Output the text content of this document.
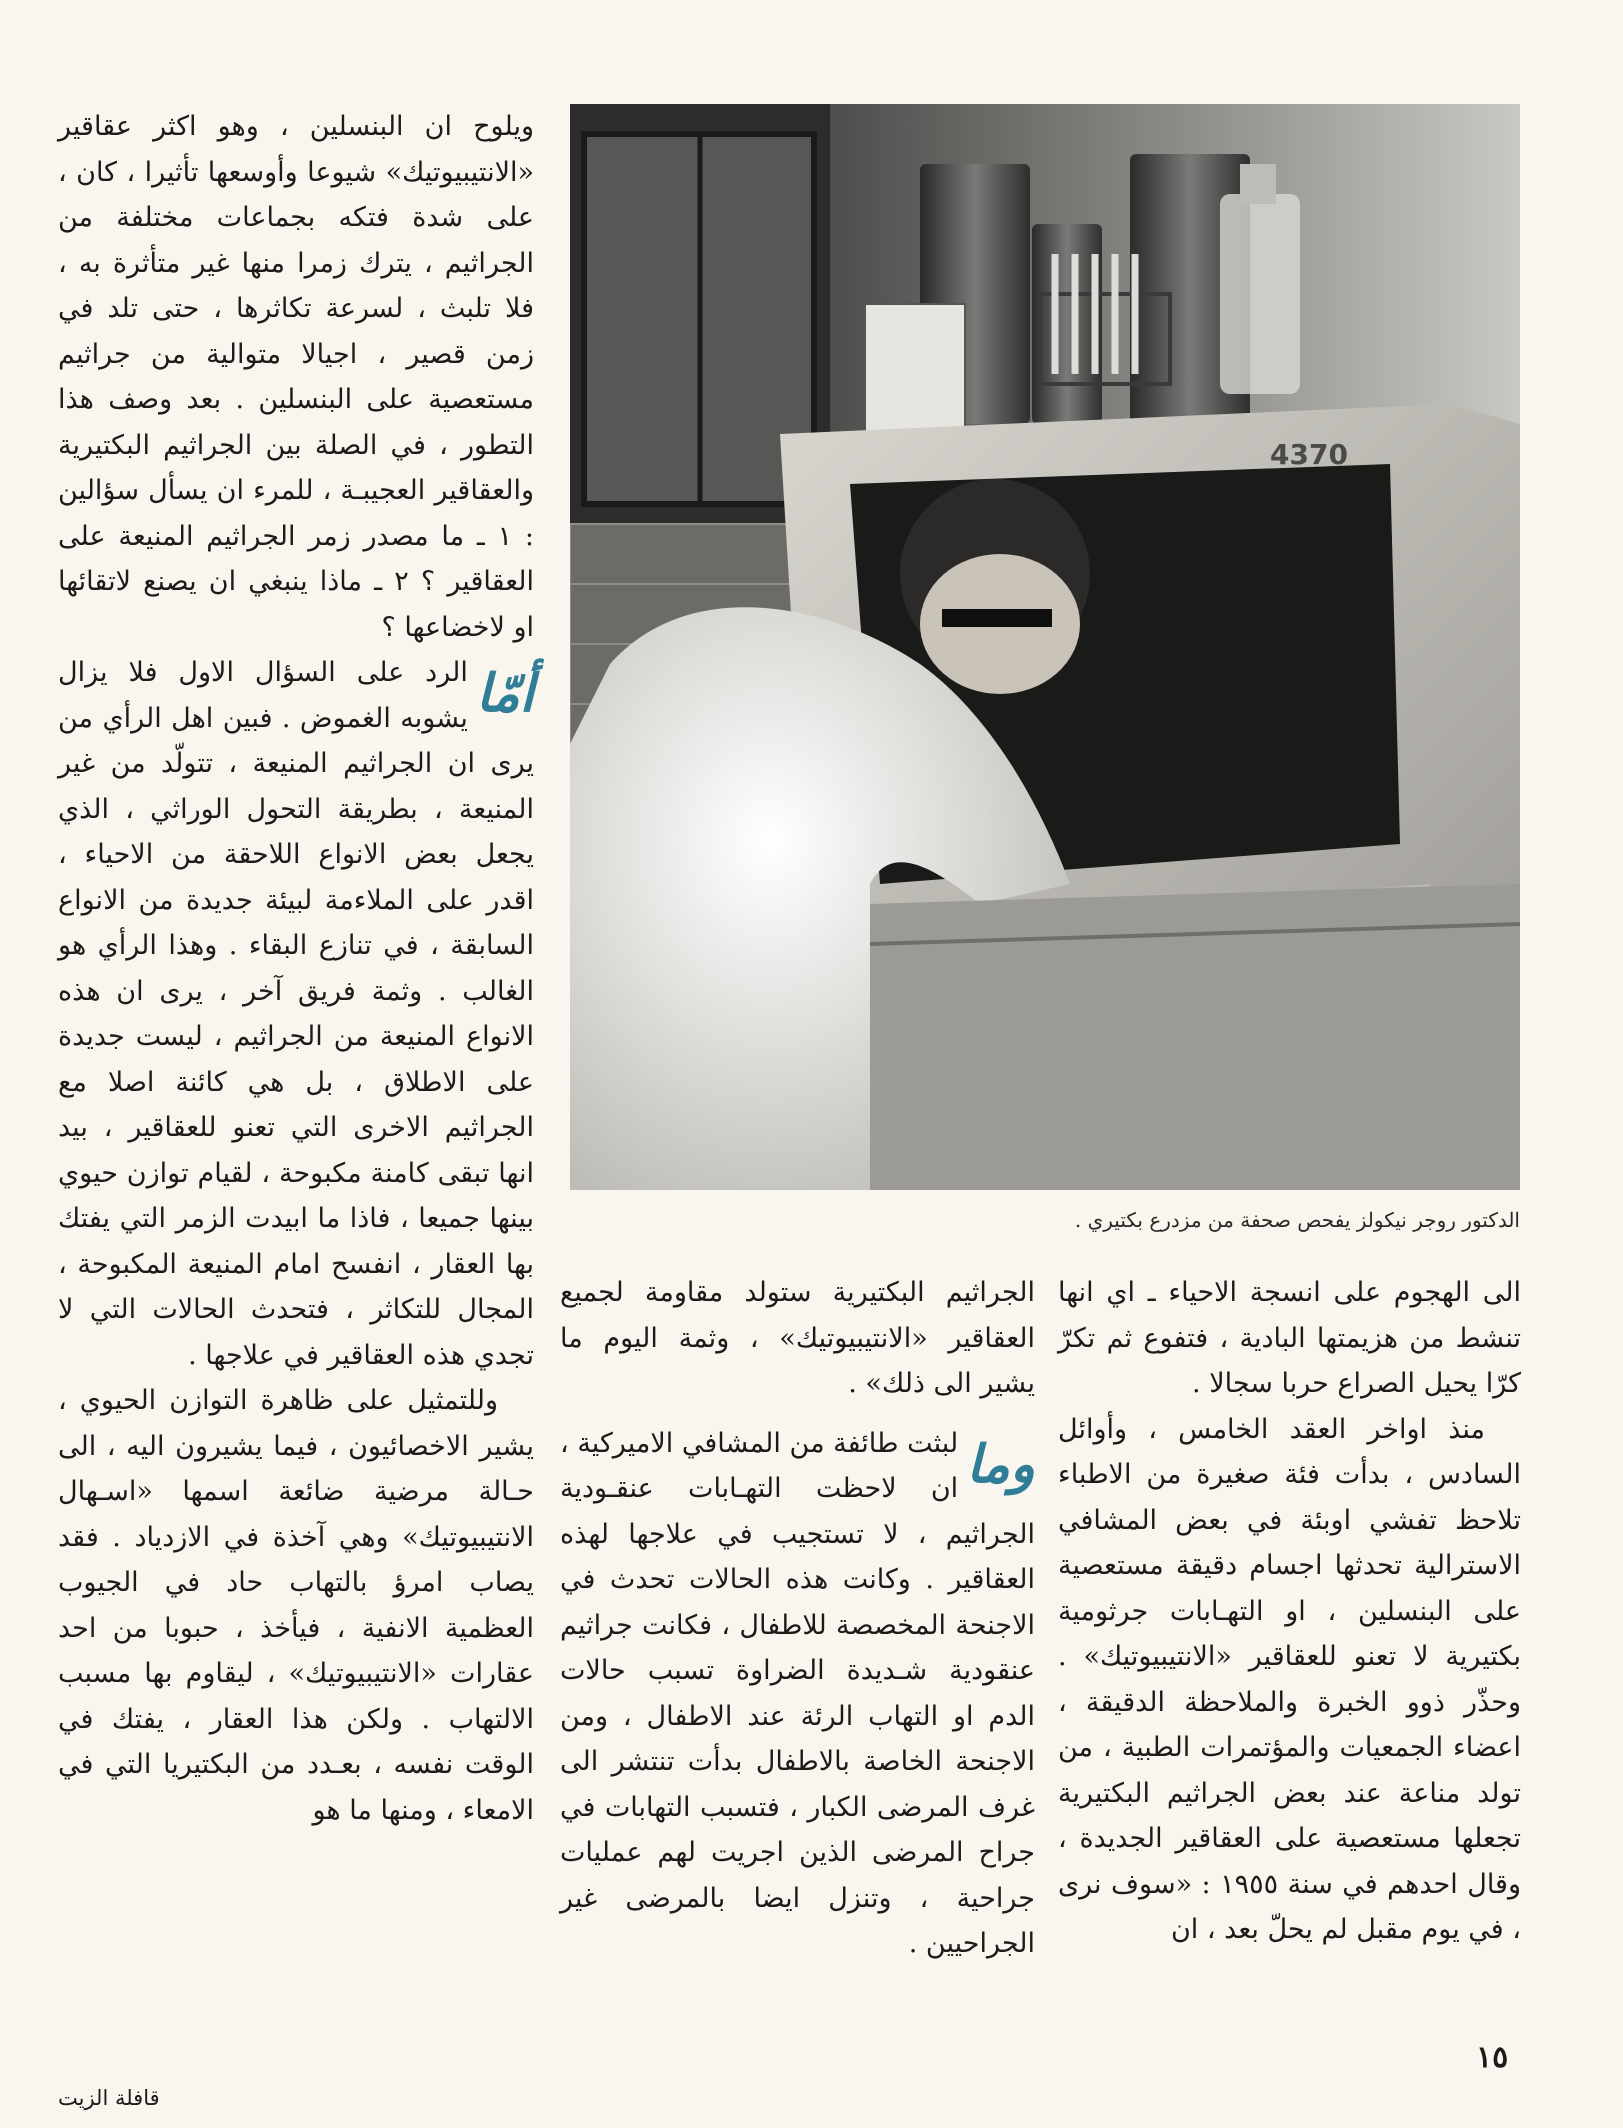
ويلوح ان البنسلين ، وهو اكثر عقاقير «الانتيبيوتيك» شيوعا وأوسعها تأثيرا ، كان ، على شدة فتكه بجماعات مختلفة من الجراثيم ، يترك زمرا منها غير متأثرة به ، فلا تلبث ، لسرعة تكاثرها ، حتى تلد في زمن قصير ، اجيالا متوالية من جراثيم مستعصية على البنسلين . بعد وصف هذا التطور ، في الصلة بين الجراثيم البكتيرية والعقاقير العجيبـة ، للمرء ان يسأل سؤالين : ١ ـ ما مصدر زمر الجراثيم المنيعة على العقاقير ؟ ٢ ـ ماذا ينبغي ان يصنع لاتقائها او لاخضاعها ؟

أمّا
الرد على السؤال الاول فلا يزال يشوبه الغموض . فبين اهل الرأي من يرى ان الجراثيم المنيعة ، تتولّد من غير المنيعة ، بطريقة التحول الوراثي ، الذي يجعل بعض الانواع اللاحقة من الاحياء ، اقدر على الملاءمة لبيئة جديدة من الانواع السابقة ، في تنازع البقاء . وهذا الرأي هو الغالب . وثمة فريق آخر ، يرى ان هذه الانواع المنيعة من الجراثيم ، ليست جديدة على الاطلاق ، بل هي كائنة اصلا مع الجراثيم الاخرى التي تعنو للعقاقير ، بيد انها تبقى كامنة مكبوحة ، لقيام توازن حيوي بينها جميعا ، فاذا ما ابيدت الزمر التي يفتك بها العقار ، انفسح امام المنيعة المكبوحة ، المجال للتكاثر ، فتحدث الحالات التي لا تجدي هذه العقاقير في علاجها .

وللتمثيل على ظاهرة التوازن الحيوي ، يشير الاخصائيون ، فيما يشيرون اليه ، الى حـالة مرضية ضائعة اسمها «اسـهال الانتيبيوتيك» وهي آخذة في الازدياد . فقد يصاب امرؤ بالتهاب حاد في الجيوب العظمية الانفية ، فيأخذ ، حبوبا من احد عقارات «الانتيبيوتيك» ، ليقاوم بها مسبب الالتهاب . ولكن هذا العقار ، يفتك في الوقت نفسه ، بعـدد من البكتيريا التي في الامعاء ، ومنها ما هو

4370
الدكتور روجر نيكولز يفحص صحفة من مزدرع بكتيري .

الجراثيم البكتيرية ستولد مقاومة لجميع العقاقير «الانتيبيوتيك» ، وثمة اليوم ما يشير الى ذلك» .

وما
لبثت طائفة من المشافي الاميركية ، ان لاحظت التهـابات عنقـودية الجراثيم ، لا تستجيب في علاجها لهذه العقاقير . وكانت هذه الحالات تحدث في الاجنحة المخصصة للاطفال ، فكانت جراثيم عنقودية شـديدة الضراوة تسبب حالات الدم او التهاب الرئة عند الاطفال ، ومن الاجنحة الخاصة بالاطفال بدأت تنتشر الى غرف المرضى الكبار ، فتسبب التهابات في جراح المرضى الذين اجريت لهم عمليات جراحية ، وتنزل ايضا بالمرضى غير الجراحيين .

الى الهجوم على انسجة الاحياء ـ اي انها تنشط من هزيمتها البادية ، فتفوع ثم تكرّ كرّا يحيل الصراع حربا سجالا .

منذ اواخر العقد الخامس ، وأوائل السادس ، بدأت فئة صغيرة من الاطباء تلاحظ تفشي اوبئة في بعض المشافي الاسترالية تحدثها اجسام دقيقة مستعصية على البنسلين ، او التهـابات جرثومية بكتيرية لا تعنو للعقاقير «الانتيبيوتيك» . وحذّر ذوو الخبرة والملاحظة الدقيقة ، اعضاء الجمعيات والمؤتمرات الطبية ، من تولد مناعة عند بعض الجراثيم البكتيرية تجعلها مستعصية على العقاقير الجديدة ، وقال احدهم في سنة ١٩٥٥ : «سوف نرى ، في يوم مقبل لم يحلّ بعد ، ان

١٥
قافلة الزيت
